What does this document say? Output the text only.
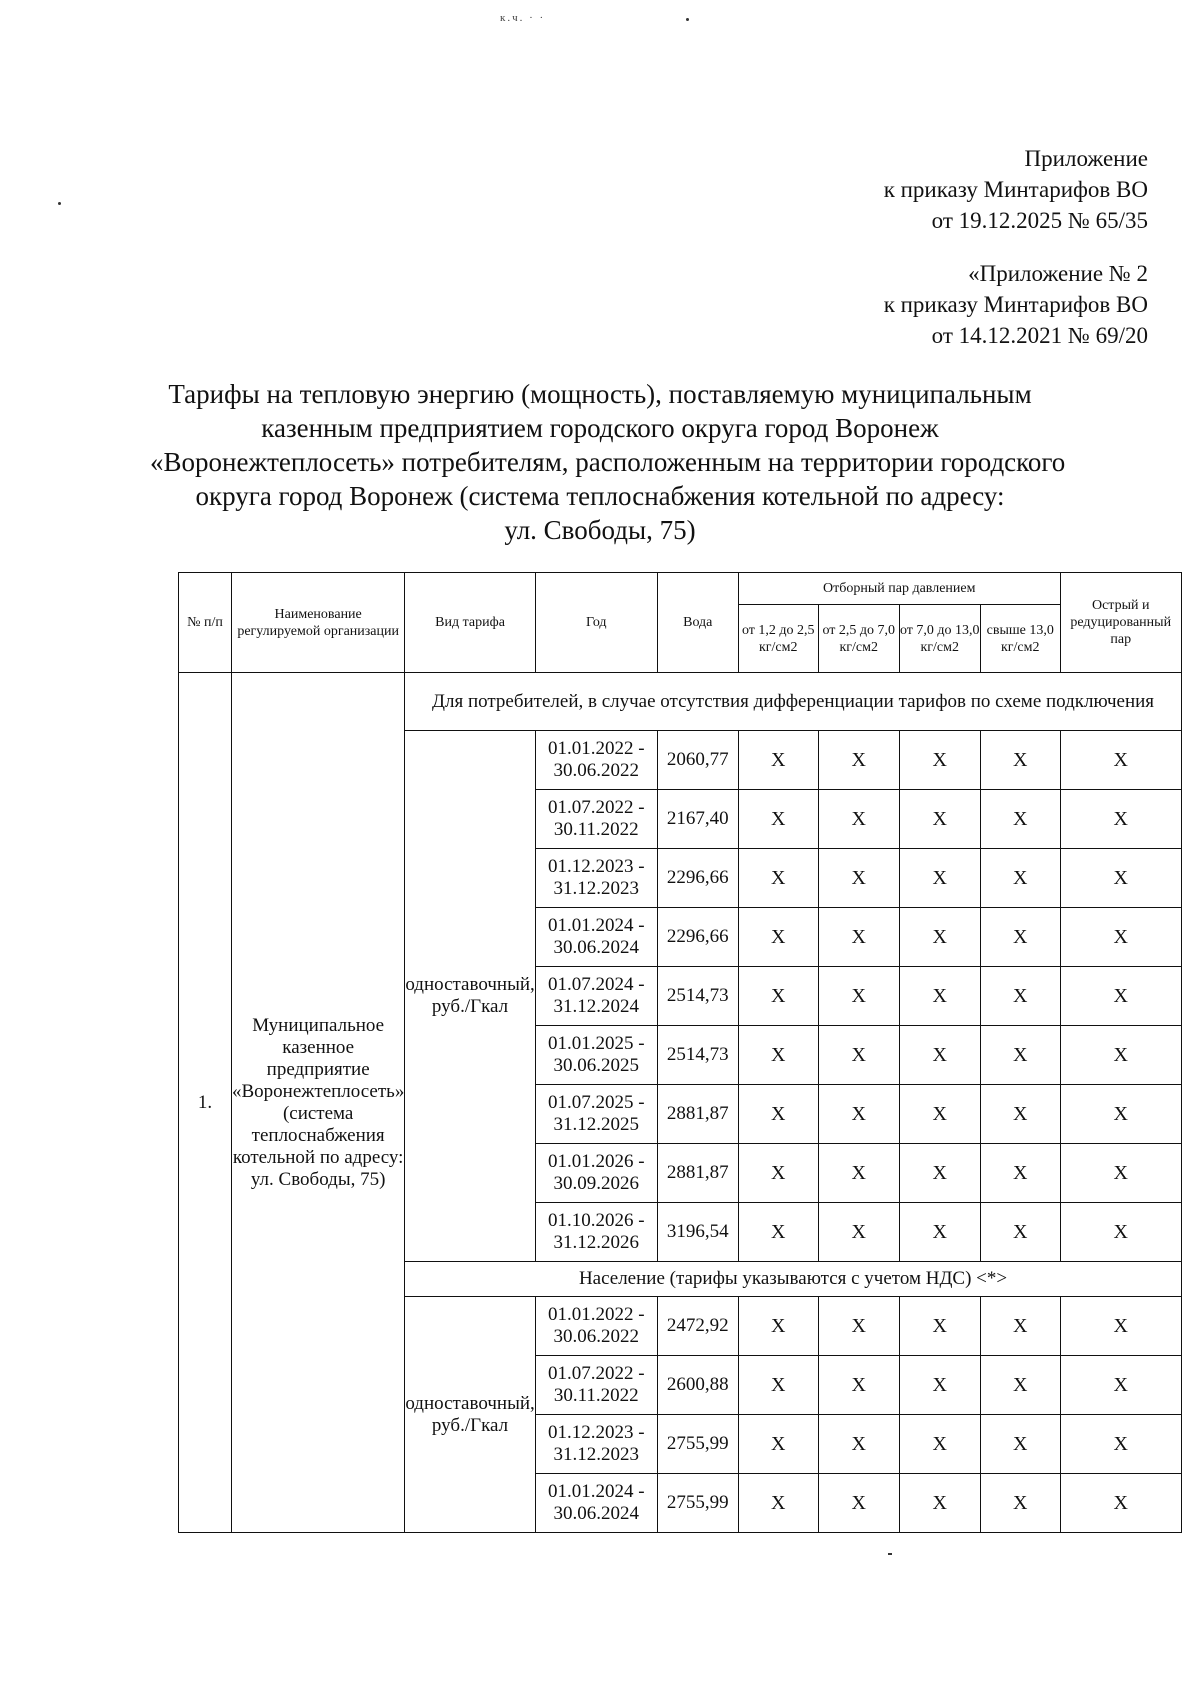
к.ч. · ·
Приложение
к приказу Минтарифов ВО
от 19.12.2025 № 65/35
«Приложение № 2
к приказу Минтарифов ВО
от 14.12.2021 № 69/20
Тарифы на тепловую энергию (мощность), поставляемую муниципальным
казенным предприятием городского округа город Воронеж
«Воронежтеплосеть» потребителям, расположенным на территории городского
округа город Воронеж (система теплоснабжения котельной по адресу:
ул. Свободы, 75)
№ п/п	Наименование регулируемой организации	Вид тарифа	Год	Вода	Отборный пар давлением				Острый и редуцированный пар
					от 1,2 до 2,5 кг/см2	от 2,5 до 7,0 кг/см2	от 7,0 до 13,0 кг/см2	свыше 13,0 кг/см2	
1.	Муниципальное казенное предприятие «Воронежтеплосеть» (система теплоснабжения котельной по адресу: ул. Свободы, 75)	Для потребителей, в случае отсутствия дифференциации тарифов по схеме подключения							
		одноставочный, руб./Гкал	01.01.2022 - 30.06.2022	2060,77	X	X	X	X	X
			01.07.2022 - 30.11.2022	2167,40	X	X	X	X	X
			01.12.2023 - 31.12.2023	2296,66	X	X	X	X	X
			01.01.2024 - 30.06.2024	2296,66	X	X	X	X	X
			01.07.2024 - 31.12.2024	2514,73	X	X	X	X	X
			01.01.2025 - 30.06.2025	2514,73	X	X	X	X	X
			01.07.2025 - 31.12.2025	2881,87	X	X	X	X	X
			01.01.2026 - 30.09.2026	2881,87	X	X	X	X	X
			01.10.2026 - 31.12.2026	3196,54	X	X	X	X	X
		Население (тарифы указываются с учетом НДС) <*>							
		одноставочный, руб./Гкал	01.01.2022 - 30.06.2022	2472,92	X	X	X	X	X
			01.07.2022 - 30.11.2022	2600,88	X	X	X	X	X
			01.12.2023 - 31.12.2023	2755,99	X	X	X	X	X
			01.01.2024 - 30.06.2024	2755,99	X	X	X	X	X
